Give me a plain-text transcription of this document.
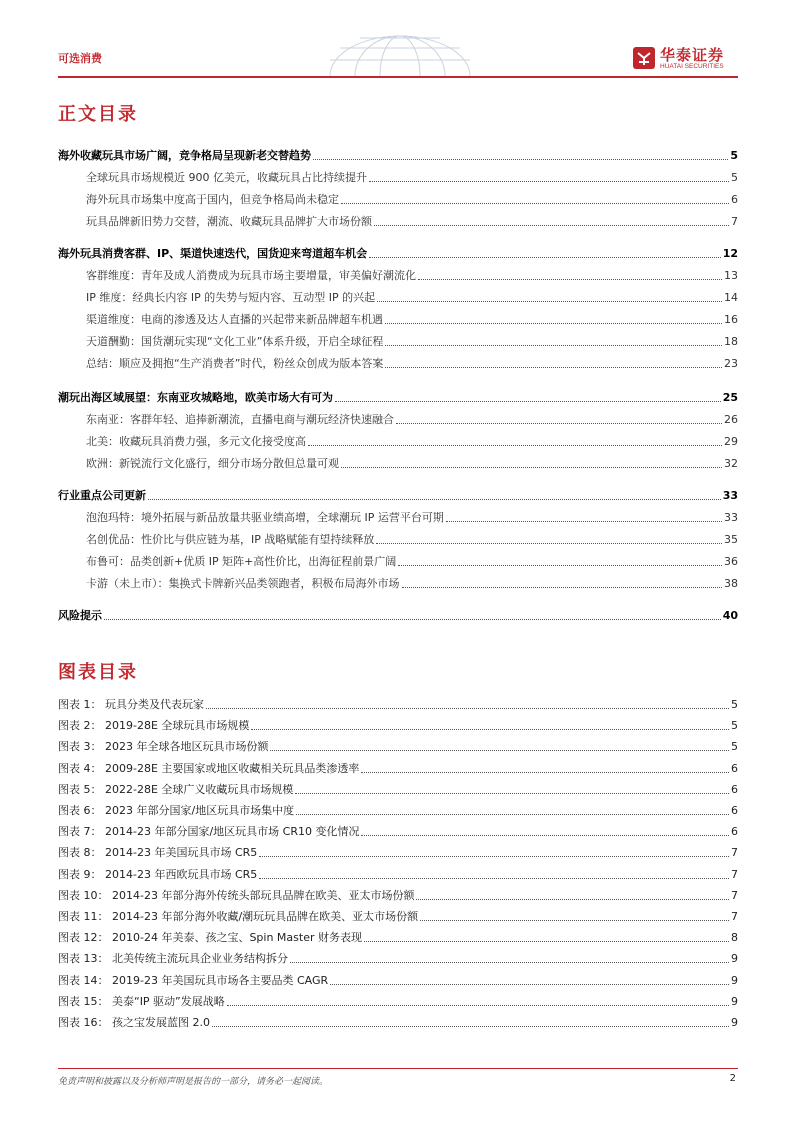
可选消费	华泰证券
HUATAI SECURITIES
正文目录
海外收藏玩具市场广阔，竞争格局呈现新老交替趋势	5
全球玩具市场规模近 900 亿美元，收藏玩具占比持续提升	5
海外玩具市场集中度高于国内，但竞争格局尚未稳定	6
玩具品牌新旧势力交替，潮流、收藏玩具品牌扩大市场份额	7
海外玩具消费客群、IP、渠道快速迭代，国货迎来弯道超车机会	12
客群维度：青年及成人消费成为玩具市场主要增量，审美偏好潮流化	13
IP 维度：经典长内容 IP 的失势与短内容、互动型 IP 的兴起	14
渠道维度：电商的渗透及达人直播的兴起带来新品牌超车机遇	16
天道酬勤：国货潮玩实现“文化工业”体系升级，开启全球征程	18
总结：顺应及拥抱“生产消费者”时代，粉丝众创成为版本答案	23
潮玩出海区域展望：东南亚攻城略地，欧美市场大有可为	25
东南亚：客群年轻、追捧新潮流，直播电商与潮玩经济快速融合	26
北美：收藏玩具消费力强，多元文化接受度高	29
欧洲：新锐流行文化盛行，细分市场分散但总量可观	32
行业重点公司更新	33
泡泡玛特：境外拓展与新品放量共驱业绩高增，全球潮玩 IP 运营平台可期	33
名创优品：性价比与供应链为基，IP 战略赋能有望持续释放	35
布鲁可：品类创新+优质 IP 矩阵+高性价比，出海征程前景广阔	36
卡游（未上市）：集换式卡牌新兴品类领跑者，积极布局海外市场	38
风险提示	40
图表目录
图表 1： 玩具分类及代表玩家	5
图表 2： 2019-28E 全球玩具市场规模	5
图表 3： 2023 年全球各地区玩具市场份额	5
图表 4： 2009-28E 主要国家或地区收藏相关玩具品类渗透率	6
图表 5： 2022-28E 全球广义收藏玩具市场规模	6
图表 6： 2023 年部分国家/地区玩具市场集中度	6
图表 7： 2014-23 年部分国家/地区玩具市场 CR10 变化情况	6
图表 8： 2014-23 年美国玩具市场 CR5	7
图表 9： 2014-23 年西欧玩具市场 CR5	7
图表 10： 2014-23 年部分海外传统头部玩具品牌在欧美、亚太市场份额	7
图表 11： 2014-23 年部分海外收藏/潮玩玩具品牌在欧美、亚太市场份额	7
图表 12： 2010-24 年美泰、孩之宝、Spin Master 财务表现	8
图表 13： 北美传统主流玩具企业业务结构拆分	9
图表 14： 2019-23 年美国玩具市场各主要品类 CAGR	9
图表 15： 美泰“IP 驱动”发展战略	9
图表 16： 孩之宝发展蓝图 2.0	9
免责声明和披露以及分析师声明是报告的一部分，请务必一起阅读。	2
